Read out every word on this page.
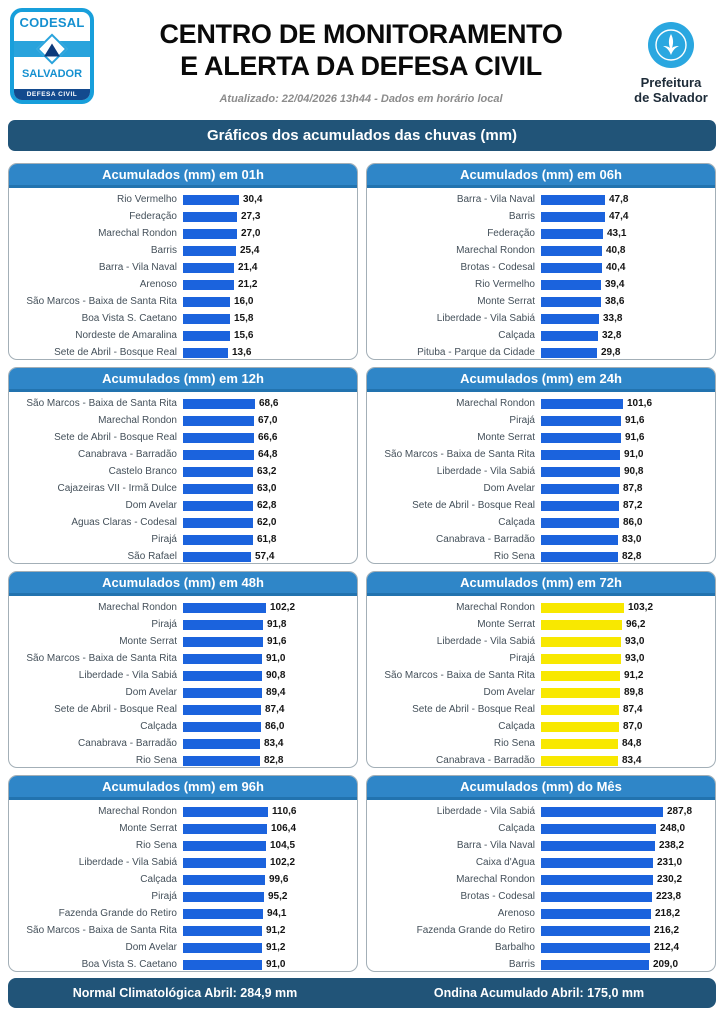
CODESAL
SALVADOR
DEFESA CIVIL
CENTRO DE MONITORAMENTO
E ALERTA DA DEFESA CIVIL
Atualizado: 22/04/2026 13h44 - Dados em horário local
Prefeitura
de Salvador
Gráficos dos acumulados das chuvas (mm)
Acumulados (mm) em 01h
Rio Vermelho	30,4
Federação	27,3
Marechal Rondon	27,0
Barris	25,4
Barra - Vila Naval	21,4
Arenoso	21,2
São Marcos - Baixa de Santa Rita	16,0
Boa Vista S. Caetano	15,8
Nordeste de Amaralina	15,6
Sete de Abril - Bosque Real	13,6
Acumulados (mm) em 06h
Barra - Vila Naval	47,8
Barris	47,4
Federação	43,1
Marechal Rondon	40,8
Brotas - Codesal	40,4
Rio Vermelho	39,4
Monte Serrat	38,6
Liberdade - Vila Sabiá	33,8
Calçada	32,8
Pituba - Parque da Cidade	29,8
Acumulados (mm) em 12h
São Marcos - Baixa de Santa Rita	68,6
Marechal Rondon	67,0
Sete de Abril - Bosque Real	66,6
Canabrava - Barradão	64,8
Castelo Branco	63,2
Cajazeiras VII - Irmã Dulce	63,0
Dom Avelar	62,8
Águas Claras - Codesal	62,0
Pirajá	61,8
São Rafael	57,4
Acumulados (mm) em 24h
Marechal Rondon	101,6
Pirajá	91,6
Monte Serrat	91,6
São Marcos - Baixa de Santa Rita	91,0
Liberdade - Vila Sabiá	90,8
Dom Avelar	87,8
Sete de Abril - Bosque Real	87,2
Calçada	86,0
Canabrava - Barradão	83,0
Rio Sena	82,8
Acumulados (mm) em 48h
Marechal Rondon	102,2
Pirajá	91,8
Monte Serrat	91,6
São Marcos - Baixa de Santa Rita	91,0
Liberdade - Vila Sabiá	90,8
Dom Avelar	89,4
Sete de Abril - Bosque Real	87,4
Calçada	86,0
Canabrava - Barradão	83,4
Rio Sena	82,8
Acumulados (mm) em 72h
Marechal Rondon	103,2
Monte Serrat	96,2
Liberdade - Vila Sabiá	93,0
Pirajá	93,0
São Marcos - Baixa de Santa Rita	91,2
Dom Avelar	89,8
Sete de Abril - Bosque Real	87,4
Calçada	87,0
Rio Sena	84,8
Canabrava - Barradão	83,4
Acumulados (mm) em 96h
Marechal Rondon	110,6
Monte Serrat	106,4
Rio Sena	104,5
Liberdade - Vila Sabiá	102,2
Calçada	99,6
Pirajá	95,2
Fazenda Grande do Retiro	94,1
São Marcos - Baixa de Santa Rita	91,2
Dom Avelar	91,2
Boa Vista S. Caetano	91,0
Acumulados (mm) do Mês
Liberdade - Vila Sabiá	287,8
Calçada	248,0
Barra - Vila Naval	238,2
Caixa d'Água	231,0
Marechal Rondon	230,2
Brotas - Codesal	223,8
Arenoso	218,2
Fazenda Grande do Retiro	216,2
Barbalho	212,4
Barris	209,0
Normal Climatológica Abril: 284,9 mm	Ondina Acumulado Abril: 175,0 mm
